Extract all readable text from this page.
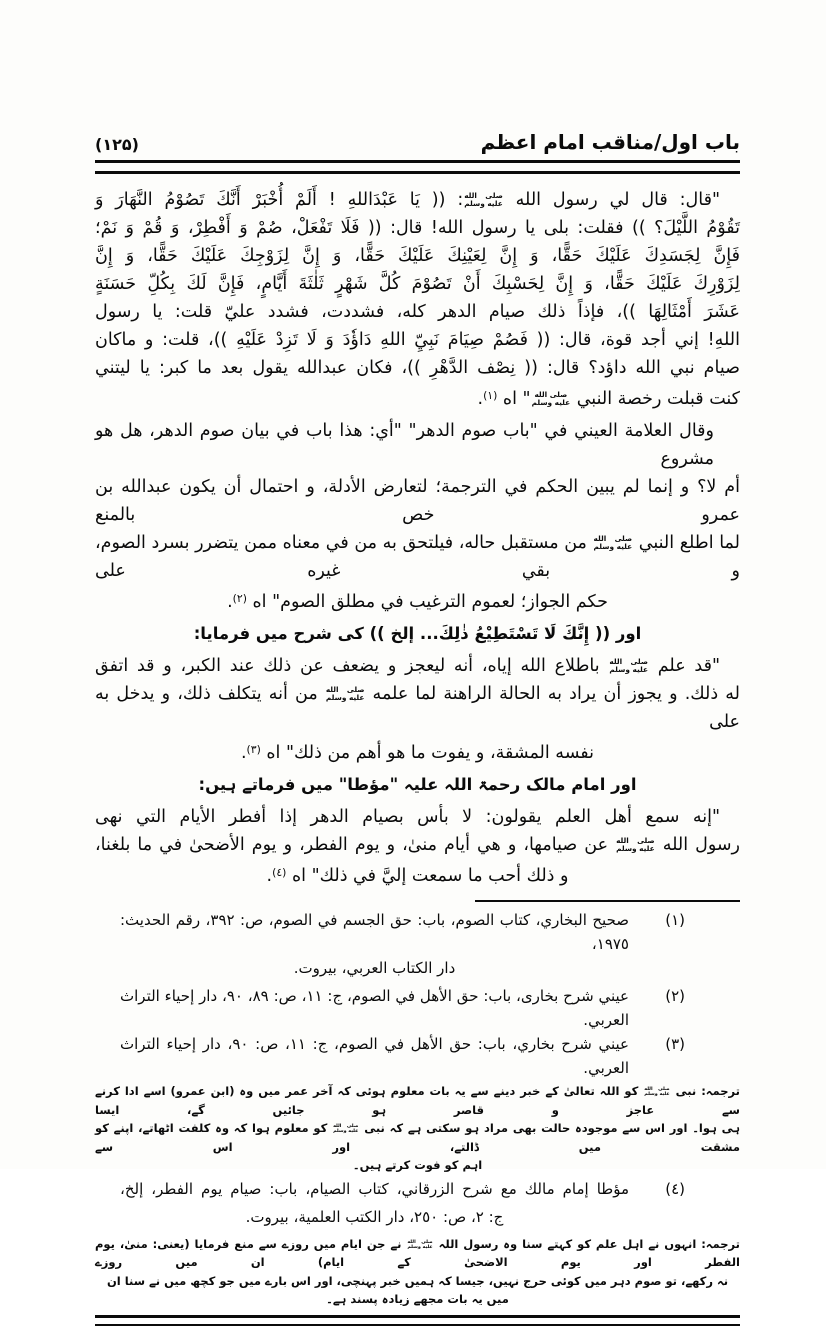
باب اول/مناقب امام اعظم
(۱۲۵)
"قال: قال لي رسول الله صلى الله
عليه وسلم: (( يَا عَبْدَاللهِ ! أَلَمْ أُخْبَرْ أَنَّكَ تَصُوْمُ النَّهَارَ وَ
تَقُوْمُ اللَّيْلَ؟ )) فقلت: بلى يا رسول الله! قال: (( فَلَا تَفْعَلْ، صُمْ وَ أَفْطِرْ، وَ قُمْ وَ نَمْ؛
فَإِنَّ لِجَسَدِكَ عَلَيْكَ حَقًّا، وَ إِنَّ لِعَيْنِكَ عَلَيْكَ حَقًّا، وَ إِنَّ لِزَوْجِكَ عَلَيْكَ حَقًّا، وَ إِنَّ
لِزَوْرِكَ عَلَيْكَ حَقًّا، وَ إِنَّ لِحَسْبِكَ أَنْ تَصُوْمَ كُلَّ شَهْرٍ ثَلٰثَةَ أَيَّامٍ، فَإِنَّ لَكَ بِكُلِّ حَسَنَةٍ
عَشَرَ أَمْثَالِهَا ))، فإذاً ذلك صيام الدهر كله، فشددت، فشدد عليّ قلت: يا رسول
اللهِ! إني أجد قوة، قال: (( فَصُمْ صِيَامَ نَبِيِّ اللهِ دَاؤٗدَ وَ لَا تَزِدْ عَلَيْهِ ))، قلت: و ماكان
صيام نبي الله داؤد؟ قال: (( نِصْف الدَّهْرِ ))، فكان عبدالله يقول بعد ما كبر: يا ليتني
كنت قبلت رخصة النبي صلى الله
عليه وسلم" اه $^{(١)}$.
وقال العلامة العيني في "باب صوم الدهر" "أي: هذا باب في بيان صوم الدهر، هل هو مشروع
أم لا؟ و إنما لم يبين الحكم في الترجمة؛ لتعارض الأدلة، و احتمال أن يكون عبدالله بن عمرو خص بالمنع
لما اطلع النبي صلى الله
عليه وسلم من مستقبل حاله، فيلتحق به من في معناه ممن يتضرر بسرد الصوم، و بقي غيره على
حكم الجواز؛ لعموم الترغيب في مطلق الصوم" اه $^{(٢)}$.
اور (( إِنَّكَ لَا تَسْتَطِيْعُ ذٰلِكَ... إلخ )) کی شرح میں فرمایا:
"قد علم صلى الله
عليه وسلم باطلاع الله إياه، أنه ليعجز و يضعف عن ذلك عند الكبر، و قد اتفق
له ذلك. و يجوز أن يراد به الحالة الراهنة لما علمه صلى الله
عليه وسلم من أنه يتكلف ذلك، و يدخل به على
نفسه المشقة، و يفوت ما هو أهم من ذلك" اه $^{(٣)}$.
اور امام مالک رحمۃ اللہ علیہ "مؤطا" میں فرماتے ہیں:
"إنه سمع أهل العلم يقولون: لا بأس بصيام الدهر إذا أفطر الأيام التي نهى
رسول الله صلى الله
عليه وسلم عن صيامها، و هي أيام منىٰ، و يوم الفطر، و يوم الأضحىٰ في ما بلغنا،
و ذلك أحب ما سمعت إليَّ في ذلك" اه $^{(٤)}$.
(١)
صحيح البخاري، كتاب الصوم، باب: حق الجسم في الصوم، ص: ٣٩٢، رقم الحديث: ١٩٧٥،
دار الكتاب العربي، بيروت.
(٢)
عيني شرح بخاری، باب: حق الأهل في الصوم، ج: ١١، ص: ٨٩، ٩٠، دار إحياء التراث العربي.
(٣)
عيني شرح بخاري، باب: حق الأهل في الصوم، ج: ١١، ص: ٩٠، دار إحياء التراث العربي.
ترجمہ: نبی صلى الله
عليه وسلم کو اللہ تعالیٰ کے خبر دینے سے یہ بات معلوم ہوئی کہ آخر عمر میں وہ (ابن عمرو) اسے ادا کرنے سے عاجز و قاصر ہو جائیں گے، ایسا
ہی ہوا۔ اور اس سے موجودہ حالت بھی مراد ہو سکتی ہے کہ نبی صلى الله
عليه وسلم کو معلوم ہوا کہ وہ کلفت اٹھاتے، اپنے کو مشقت میں ڈالتے، اور اس سے
اہم کو فوت کرتے ہیں۔
(٤)
مؤطا إمام مالك مع شرح الزرقاني، كتاب الصيام، باب: صيام يوم الفطر، إلخ،
ج: ٢، ص: ٢٥٠، دار الكتب العلمية، بيروت.
ترجمہ: انہوں نے اہل علم کو کہتے سنا وہ رسول اللہ صلى الله
عليه وسلم نے جن ایام میں روزے سے منع فرمایا (یعنی: منیٰ، یوم الفطر اور یوم الاضحیٰ کے ایام) ان میں روزے
نہ رکھے، تو صوم دہر میں کوئی حرج نہیں، جیسا کہ ہمیں خبر پہنچی، اور اس بارے میں جو کچھ میں نے سنا ان میں یہ بات مجھے زیادہ پسند ہے۔
